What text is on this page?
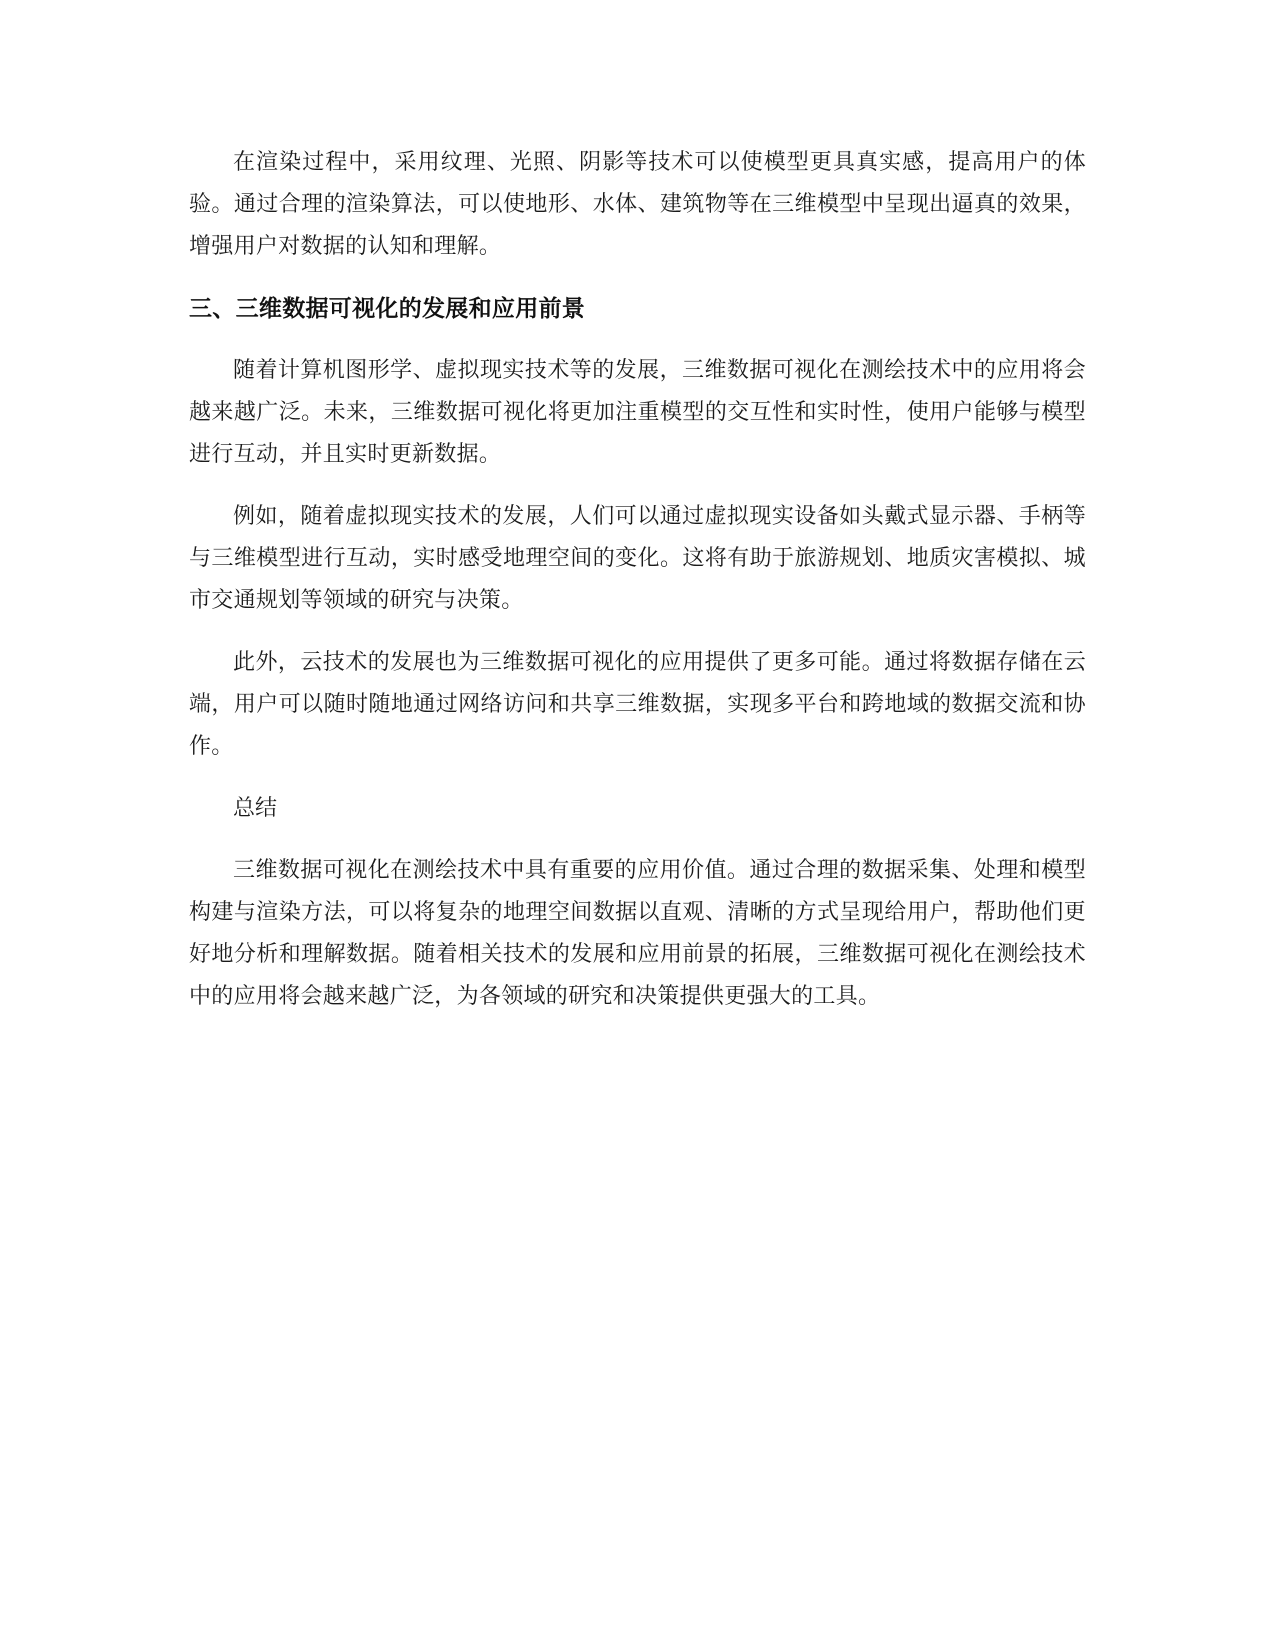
在渲染过程中，采用纹理、光照、阴影等技术可以使模型更具真实感，提高用户的体验。通过合理的渲染算法，可以使地形、水体、建筑物等在三维模型中呈现出逼真的效果，增强用户对数据的认知和理解。

三、三维数据可视化的发展和应用前景

随着计算机图形学、虚拟现实技术等的发展，三维数据可视化在测绘技术中的应用将会越来越广泛。未来，三维数据可视化将更加注重模型的交互性和实时性，使用户能够与模型进行互动，并且实时更新数据。

例如，随着虚拟现实技术的发展，人们可以通过虚拟现实设备如头戴式显示器、手柄等与三维模型进行互动，实时感受地理空间的变化。这将有助于旅游规划、地质灾害模拟、城市交通规划等领域的研究与决策。

此外，云技术的发展也为三维数据可视化的应用提供了更多可能。通过将数据存储在云端，用户可以随时随地通过网络访问和共享三维数据，实现多平台和跨地域的数据交流和协作。

总结

三维数据可视化在测绘技术中具有重要的应用价值。通过合理的数据采集、处理和模型构建与渲染方法，可以将复杂的地理空间数据以直观、清晰的方式呈现给用户，帮助他们更好地分析和理解数据。随着相关技术的发展和应用前景的拓展，三维数据可视化在测绘技术中的应用将会越来越广泛，为各领域的研究和决策提供更强大的工具。
